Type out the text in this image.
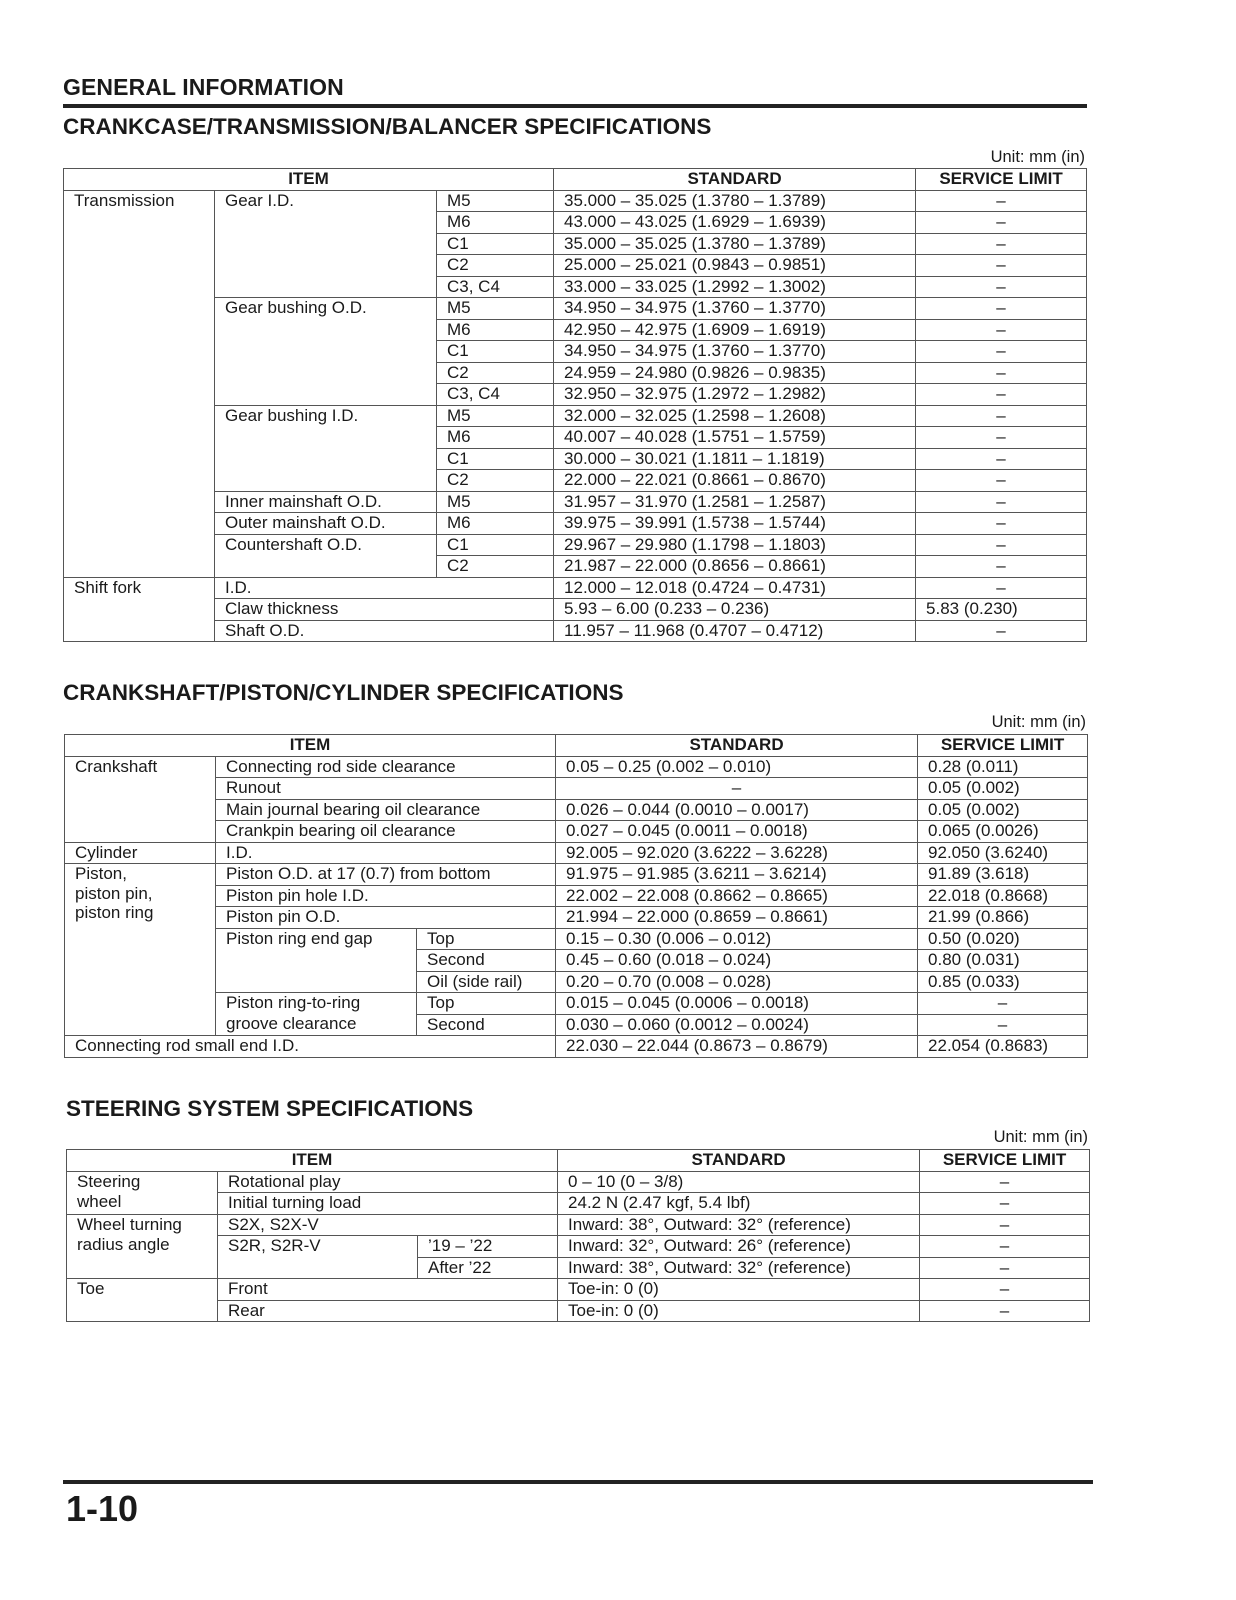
GENERAL INFORMATION
CRANKCASE/TRANSMISSION/BALANCER SPECIFICATIONS
Unit: mm (in)
ITEM			STANDARD	SERVICE LIMIT
Transmission	Gear I.D.	M5	35.000 – 35.025 (1.3780 – 1.3789)	–
		M6	43.000 – 43.025 (1.6929 – 1.6939)	–
		C1	35.000 – 35.025 (1.3780 – 1.3789)	–
		C2	25.000 – 25.021 (0.9843 – 0.9851)	–
		C3, C4	33.000 – 33.025 (1.2992 – 1.3002)	–
	Gear bushing O.D.	M5	34.950 – 34.975 (1.3760 – 1.3770)	–
		M6	42.950 – 42.975 (1.6909 – 1.6919)	–
		C1	34.950 – 34.975 (1.3760 – 1.3770)	–
		C2	24.959 – 24.980 (0.9826 – 0.9835)	–
		C3, C4	32.950 – 32.975 (1.2972 – 1.2982)	–
	Gear bushing I.D.	M5	32.000 – 32.025 (1.2598 – 1.2608)	–
		M6	40.007 – 40.028 (1.5751 – 1.5759)	–
		C1	30.000 – 30.021 (1.1811 – 1.1819)	–
		C2	22.000 – 22.021 (0.8661 – 0.8670)	–
	Inner mainshaft O.D.	M5	31.957 – 31.970 (1.2581 – 1.2587)	–
	Outer mainshaft O.D.	M6	39.975 – 39.991 (1.5738 – 1.5744)	–
	Countershaft O.D.	C1	29.967 – 29.980 (1.1798 – 1.1803)	–
		C2	21.987 – 22.000 (0.8656 – 0.8661)	–
Shift fork	I.D.		12.000 – 12.018 (0.4724 – 0.4731)	–
	Claw thickness		5.93 – 6.00 (0.233 – 0.236)	5.83 (0.230)
	Shaft O.D.		11.957 – 11.968 (0.4707 – 0.4712)	–
CRANKSHAFT/PISTON/CYLINDER SPECIFICATIONS
Unit: mm (in)
ITEM			STANDARD	SERVICE LIMIT
Crankshaft	Connecting rod side clearance		0.05 – 0.25 (0.002 – 0.010)	0.28 (0.011)
	Runout		–	0.05 (0.002)
	Main journal bearing oil clearance		0.026 – 0.044 (0.0010 – 0.0017)	0.05 (0.002)
	Crankpin bearing oil clearance		0.027 – 0.045 (0.0011 – 0.0018)	0.065 (0.0026)
Cylinder	I.D.		92.005 – 92.020 (3.6222 – 3.6228)	92.050 (3.6240)

Piston,
piston pin,
piston ring	Piston O.D. at 17 (0.7) from bottom		91.975 – 91.985 (3.6211 – 3.6214)	91.89 (3.618)
	Piston pin hole I.D.		22.002 – 22.008 (0.8662 – 0.8665)	22.018 (0.8668)
	Piston pin O.D.		21.994 – 22.000 (0.8659 – 0.8661)	21.99 (0.866)
	Piston ring end gap	Top	0.15 – 0.30 (0.006 – 0.012)	0.50 (0.020)
		Second	0.45 – 0.60 (0.018 – 0.024)	0.80 (0.031)
		Oil (side rail)	0.20 – 0.70 (0.008 – 0.028)	0.85 (0.033)

	Piston ring-to-ring
groove clearance	Top	0.015 – 0.045 (0.0006 – 0.0018)	–
		Second	0.030 – 0.060 (0.0012 – 0.0024)	–
Connecting rod small end I.D.			22.030 – 22.044 (0.8673 – 0.8679)	22.054 (0.8683)
STEERING SYSTEM SPECIFICATIONS
Unit: mm (in)
ITEM			STANDARD	SERVICE LIMIT

Steering
wheel	Rotational play		0 – 10 (0 – 3/8)	–
	Initial turning load		24.2 N (2.47 kgf, 5.4 lbf)	–

Wheel turning
radius angle	S2X, S2X-V		Inward: 38°, Outward: 32° (reference)	–
	S2R, S2R-V	’19 – ’22	Inward: 32°, Outward: 26° (reference)	–
		After ’22	Inward: 38°, Outward: 32° (reference)	–
Toe	Front		Toe-in: 0 (0)	–
	Rear		Toe-in: 0 (0)	–
1-10
